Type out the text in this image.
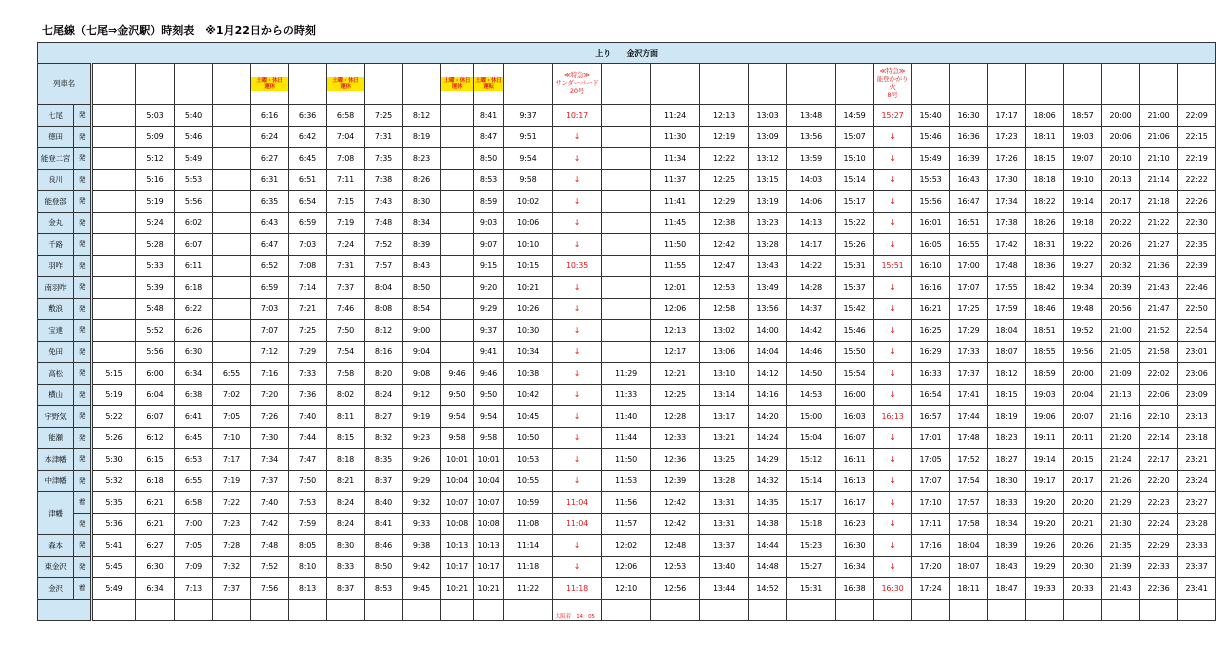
七尾線（七尾⇒金沢駅）時刻表　※1月22日からの時刻
上り　　金沢方面																													
列車名						土曜・休日
運休		土曜・休日
運休			土曜・休日
運休	土曜・休日
運転		≪特急≫
サンダーバード
20号							≪特急≫
能登かがり火
8号								

七尾	発		5:03	5:40		6:16	6:36	6:58	7:25	8:12		8:41	9:37	10:17		11:24	12:13	13:03	13:48	14:59	15:27	15:40	16:30	17:17	18:06	18:57	20:00	21:00	22:09
徳田	発		5:09	5:46		6:24	6:42	7:04	7:31	8:19		8:47	9:51	↓		11:30	12:19	13:09	13:56	15:07	↓	15:46	16:36	17:23	18:11	19:03	20:06	21:06	22:15
能登二宮	発		5:12	5:49		6:27	6:45	7:08	7:35	8:23		8:50	9:54	↓		11:34	12:22	13:12	13:59	15:10	↓	15:49	16:39	17:26	18:15	19:07	20:10	21:10	22:19
良川	発		5:16	5:53		6:31	6:51	7:11	7:38	8:26		8:53	9:58	↓		11:37	12:25	13:15	14:03	15:14	↓	15:53	16:43	17:30	18:18	19:10	20:13	21:14	22:22
能登部	発		5:19	5:56		6:35	6:54	7:15	7:43	8:30		8:59	10:02	↓		11:41	12:29	13:19	14:06	15:17	↓	15:56	16:47	17:34	18:22	19:14	20:17	21:18	22:26
金丸	発		5:24	6:02		6:43	6:59	7:19	7:48	8:34		9:03	10:06	↓		11:45	12:38	13:23	14:13	15:22	↓	16:01	16:51	17:38	18:26	19:18	20:22	21:22	22:30
千路	発		5:28	6:07		6:47	7:03	7:24	7:52	8:39		9:07	10:10	↓		11:50	12:42	13:28	14:17	15:26	↓	16:05	16:55	17:42	18:31	19:22	20:26	21:27	22:35
羽咋	発		5:33	6:11		6:52	7:08	7:31	7:57	8:43		9:15	10:15	10:35		11:55	12:47	13:43	14:22	15:31	15:51	16:10	17:00	17:48	18:36	19:27	20:32	21:36	22:39
南羽咋	発		5:39	6:18		6:59	7:14	7:37	8:04	8:50		9:20	10:21	↓		12:01	12:53	13:49	14:28	15:37	↓	16:16	17:07	17:55	18:42	19:34	20:39	21:43	22:46
敷浪	発		5:48	6:22		7:03	7:21	7:46	8:08	8:54		9:29	10:26	↓		12:06	12:58	13:56	14:37	15:42	↓	16:21	17:25	17:59	18:46	19:48	20:56	21:47	22:50
宝達	発		5:52	6:26		7:07	7:25	7:50	8:12	9:00		9:37	10:30	↓		12:13	13:02	14:00	14:42	15:46	↓	16:25	17:29	18:04	18:51	19:52	21:00	21:52	22:54
免田	発		5:56	6:30		7:12	7:29	7:54	8:16	9:04		9:41	10:34	↓		12:17	13:06	14:04	14:46	15:50	↓	16:29	17:33	18:07	18:55	19:56	21:05	21:58	23:01
高松	発	5:15	6:00	6:34	6:55	7:16	7:33	7:58	8:20	9:08	9:46	9:46	10:38	↓	11:29	12:21	13:10	14:12	14:50	15:54	↓	16:33	17:37	18:12	18:59	20:00	21:09	22:02	23:06
横山	発	5:19	6:04	6:38	7:02	7:20	7:36	8:02	8:24	9:12	9:50	9:50	10:42	↓	11:33	12:25	13:14	14:16	14:53	16:00	↓	16:54	17:41	18:15	19:03	20:04	21:13	22:06	23:09
宇野気	発	5:22	6:07	6:41	7:05	7:26	7:40	8:11	8:27	9:19	9:54	9:54	10:45	↓	11:40	12:28	13:17	14:20	15:00	16:03	16:13	16:57	17:44	18:19	19:06	20:07	21:16	22:10	23:13
能瀬	発	5:26	6:12	6:45	7:10	7:30	7:44	8:15	8:32	9:23	9:58	9:58	10:50	↓	11:44	12:33	13:21	14:24	15:04	16:07	↓	17:01	17:48	18:23	19:11	20:11	21:20	22:14	23:18
本津幡	発	5:30	6:15	6:53	7:17	7:34	7:47	8:18	8:35	9:26	10:01	10:01	10:53	↓	11:50	12:36	13:25	14:29	15:12	16:11	↓	17:05	17:52	18:27	19:14	20:15	21:24	22:17	23:21
中津幡	発	5:32	6:18	6:55	7:19	7:37	7:50	8:21	8:37	9:29	10:04	10:04	10:55	↓	11:53	12:39	13:28	14:32	15:14	16:13	↓	17:07	17:54	18:30	19:17	20:17	21:26	22:20	23:24
津幡	着	5:35	6:21	6:58	7:22	7:40	7:53	8:24	8:40	9:32	10:07	10:07	10:59	11:04	11:56	12:42	13:31	14:35	15:17	16:17	↓	17:10	17:57	18:33	19:20	20:20	21:29	22:23	23:27
	発	5:36	6:21	7:00	7:23	7:42	7:59	8:24	8:41	9:33	10:08	10:08	11:08	11:04	11:57	12:42	13:31	14:38	15:18	16:23	↓	17:11	17:58	18:34	19:20	20:21	21:30	22:24	23:28
森本	発	5:41	6:27	7:05	7:28	7:48	8:05	8:30	8:46	9:38	10:13	10:13	11:14	↓	12:02	12:48	13:37	14:44	15:23	16:30	↓	17:16	18:04	18:39	19:26	20:26	21:35	22:29	23:33
東金沢	発	5:45	6:30	7:09	7:32	7:52	8:10	8:33	8:50	9:42	10:17	10:17	11:18	↓	12:06	12:53	13:40	14:48	15:27	16:34	↓	17:20	18:07	18:43	19:29	20:30	21:39	22:33	23:37
金沢	着	5:49	6:34	7:13	7:37	7:56	8:13	8:37	8:53	9:45	10:21	10:21	11:22	11:18	12:10	12:56	13:44	14:52	15:31	16:38	16:30	17:24	18:11	18:47	19:33	20:33	21:43	22:36	23:41
														大阪着　14：05															
